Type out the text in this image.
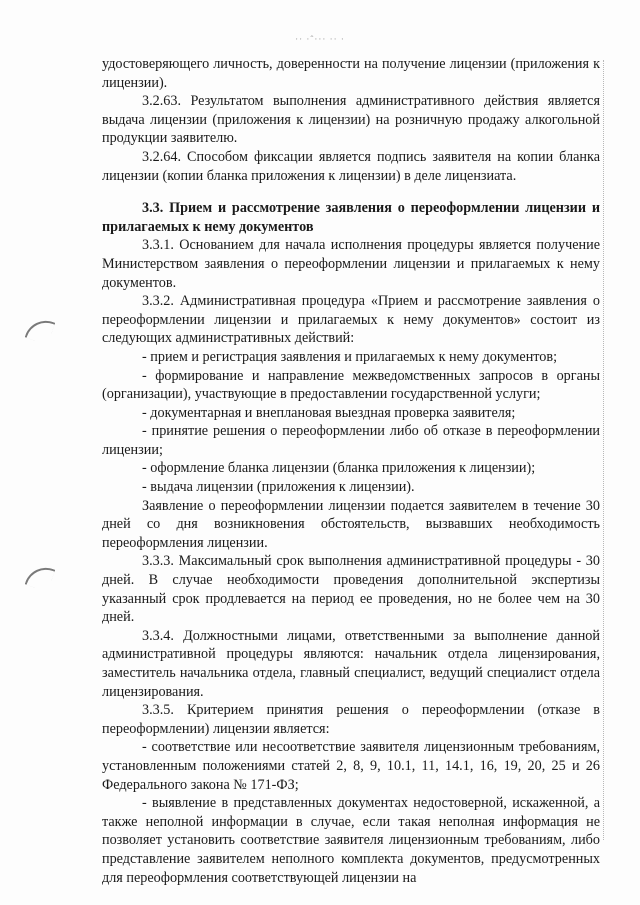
·· ·ˆ··· ·· ·

удостоверяющего личность, доверенности на получение лицензии (приложения к лицензии).

3.2.63. Результатом выполнения административного действия является выдача лицензии (приложения к лицензии) на розничную продажу алкогольной продукции заявителю.

3.2.64. Способом фиксации является подпись заявителя на копии бланка лицензии (копии бланка приложения к лицензии) в деле лицензиата.

3.3. Прием и рассмотрение заявления о переоформлении лицензии и прилагаемых к нему документов

3.3.1. Основанием для начала исполнения процедуры является получение Министерством заявления о переоформлении лицензии и прилагаемых к нему документов.

3.3.2. Административная процедура «Прием и рассмотрение заявления о переоформлении лицензии и прилагаемых к нему документов» состоит из следующих административных действий:

- прием и регистрация заявления и прилагаемых к нему документов;

- формирование и направление межведомственных запросов в органы (организации), участвующие в предоставлении государственной услуги;

- документарная и внеплановая выездная проверка заявителя;

- принятие решения о переоформлении либо об отказе в переоформлении лицензии;

- оформление бланка лицензии (бланка приложения к лицензии);

- выдача лицензии (приложения к лицензии).

Заявление о переоформлении лицензии подается заявителем в течение 30 дней со дня возникновения обстоятельств, вызвавших необходимость переоформления лицензии.

3.3.3. Максимальный срок выполнения административной процедуры - 30 дней. В случае необходимости проведения дополнительной экспертизы указанный срок продлевается на период ее проведения, но не более чем на 30 дней.

3.3.4. Должностными лицами, ответственными за выполнение данной административной процедуры являются: начальник отдела лицензирования, заместитель начальника отдела, главный специалист, ведущий специалист отдела лицензирования.

3.3.5. Критерием принятия решения о переоформлении (отказе в переоформлении) лицензии является:

- соответствие или несоответствие заявителя лицензионным требованиям, установленным положениями статей 2, 8, 9, 10.1, 11, 14.1, 16, 19, 20, 25 и 26 Федерального закона № 171-ФЗ;

- выявление в представленных документах недостоверной, искаженной, а также неполной информации в случае, если такая неполная информация не позволяет установить соответствие заявителя лицензионным требованиям, либо представление заявителем неполного комплекта документов, предусмотренных для переоформления соответствующей лицензии на
